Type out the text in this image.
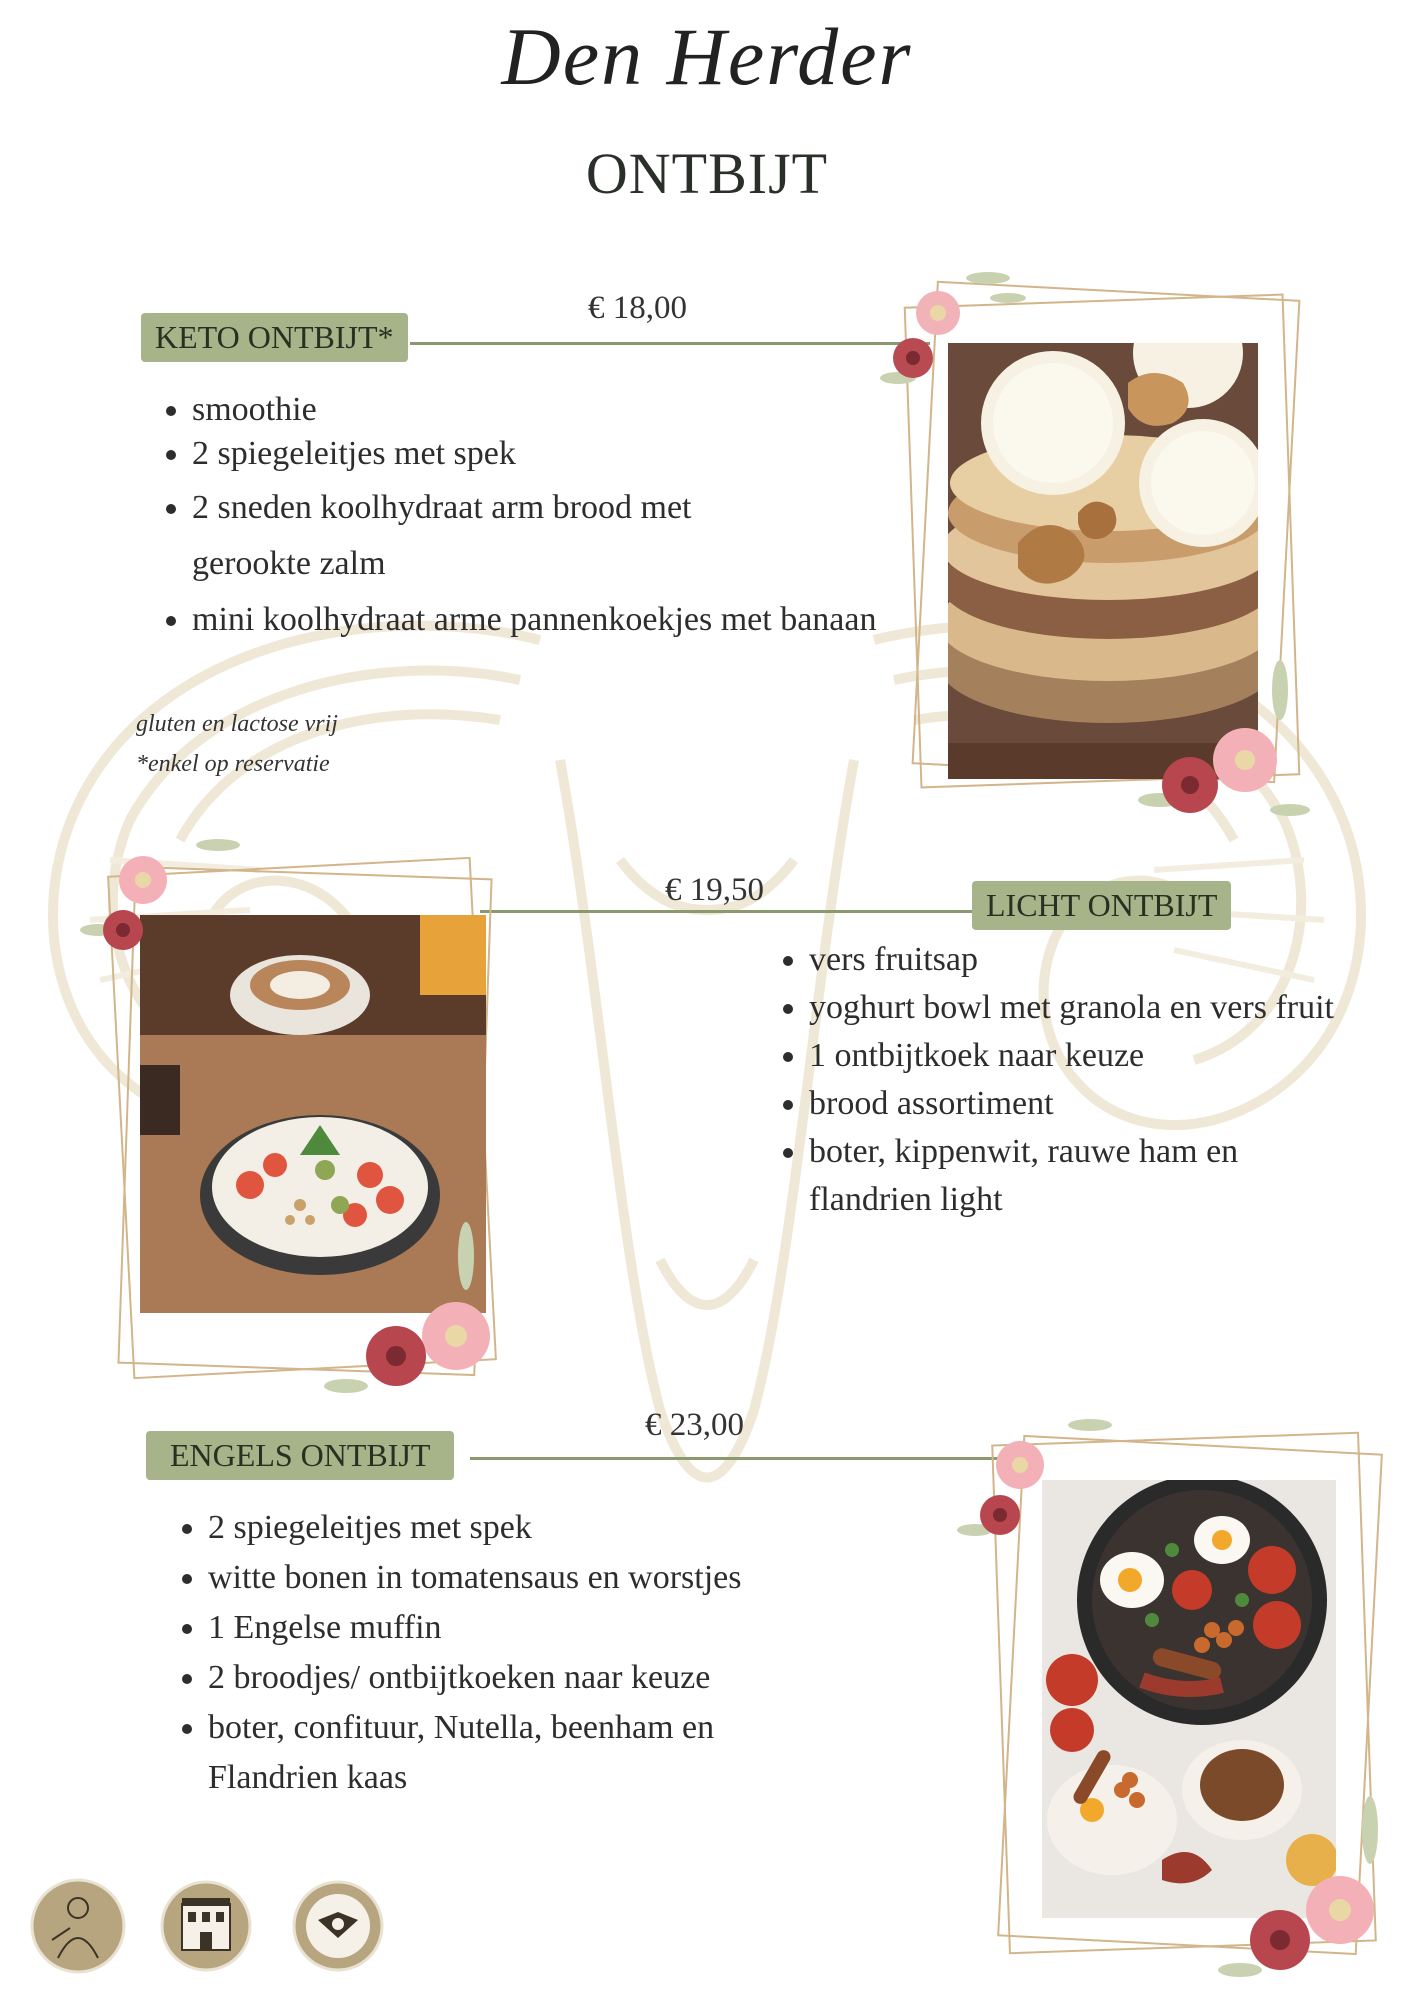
Den Herder
ONTBIJT
€ 18,00
KETO ONTBIJT*
• smoothie
• 2 spiegeleitjes met spek
• 2 sneden koolhydraat arm brood met gerookte zalm
• mini koolhydraat arme pannenkoekjes met banaan
gluten en lactose vrij
*enkel op reservatie
€ 19,50	LICHT ONTBIJT
• vers fruitsap
• yoghurt bowl met granola en vers fruit
• 1 ontbijtkoek naar keuze
• brood assortiment
• boter, kippenwit, rauwe ham en flandrien light
€ 23,00
ENGELS ONTBIJT
• 2 spiegeleitjes met spek
• witte bonen in tomatensaus en worstjes
• 1 Engelse muffin
• 2 broodjes/ ontbijtkoeken naar keuze
• boter, confituur, Nutella, beenham en Flandrien kaas
